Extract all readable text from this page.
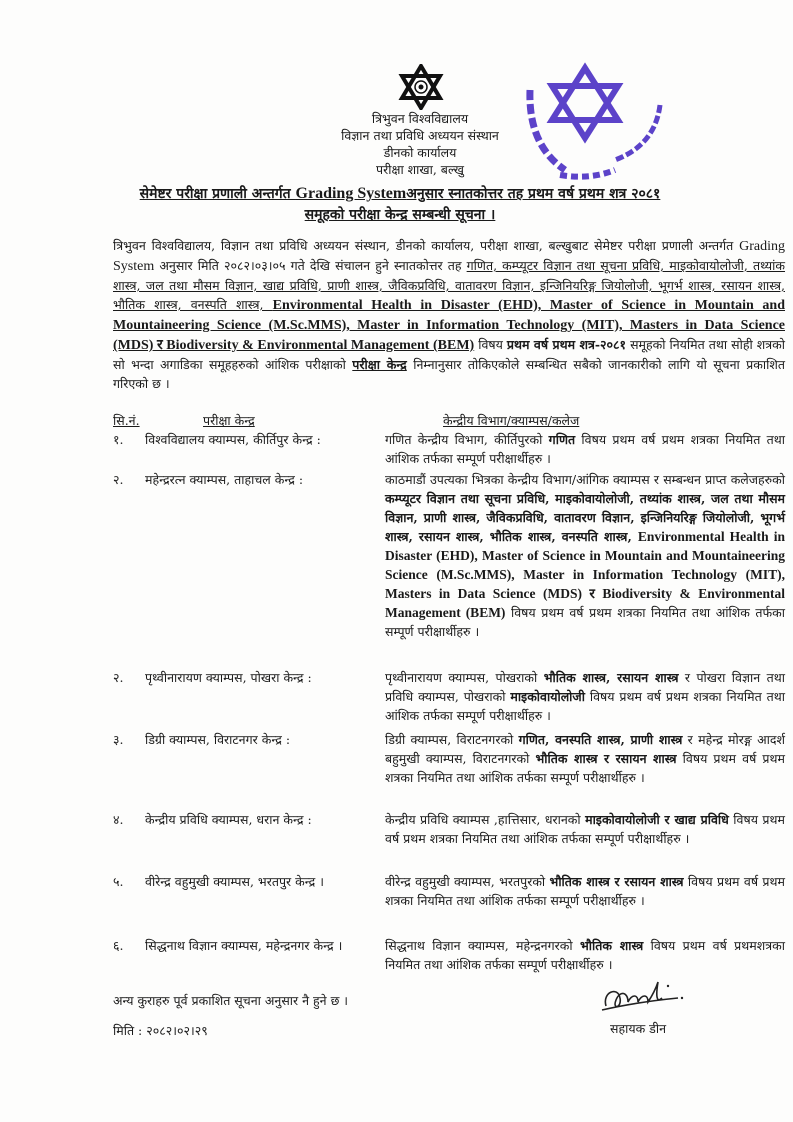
त्रिभुवन विश्वविद्यालय
विज्ञान तथा प्रविधि अध्ययन संस्थान
डीनको कार्यालय
परीक्षा शाखा, बल्खु
सेमेष्टर परीक्षा प्रणाली अन्तर्गत Grading Systemअनुसार स्नातकोत्तर तह प्रथम वर्ष प्रथम शत्र २०८१
समूहको परीक्षा केन्द्र सम्बन्धी सूचना ।
त्रिभुवन विश्वविद्यालय, विज्ञान तथा प्रविधि अध्ययन संस्थान, डीनको कार्यालय, परीक्षा शाखा, बल्खुबाट सेमेष्टर परीक्षा प्रणाली अन्तर्गत Grading System अनुसार मिति २०८२।०३।०५ गते देखि संचालन हुने स्नातकोत्तर तह गणित, कम्प्यूटर विज्ञान तथा सूचना प्रविधि, माइकोवायोलोजी, तथ्यांक शास्त्र, जल तथा मौसम विज्ञान, खाद्य प्रविधि, प्राणी शास्त्र, जैविकप्रविधि, वातावरण विज्ञान, इन्जिनियरिङ्ग जियोलोजी, भूगर्भ शास्त्र, रसायन शास्त्र, भौतिक शास्त्र, वनस्पति शास्त्र, Environmental Health in Disaster (EHD), Master of Science in Mountain and Mountaineering Science (M.Sc.MMS), Master in Information Technology (MIT), Masters in Data Science (MDS) र Biodiversity & Environmental Management (BEM) विषय प्रथम वर्ष प्रथम शत्र-२०८१ समूहको नियमित तथा सोही शत्रको सो भन्दा अगाडिका समूहहरुको आंशिक परीक्षाको परीक्षा केन्द्र निम्नानुसार तोकिएकोले सम्बन्धित सबैको जानकारीको लागि यो सूचना प्रकाशित गरिएको छ ।
सि.नं.	परीक्षा केन्द्र	केन्द्रीय विभाग/क्याम्पस/कलेज
१.	विश्वविद्यालय क्याम्पस, कीर्तिपुर केन्द्र :	गणित केन्द्रीय विभाग, कीर्तिपुरको गणित विषय प्रथम वर्ष प्रथम शत्रका नियमित तथा आंशिक तर्फका सम्पूर्ण परीक्षार्थीहरु ।
२.	महेन्द्ररत्न क्याम्पस, ताहाचल केन्द्र :	काठमाडौं उपत्यका भित्रका केन्द्रीय विभाग/आंगिक क्याम्पस र सम्बन्धन प्राप्त कलेजहरुको कम्प्यूटर विज्ञान तथा सूचना प्रविधि, माइकोवायोलोजी, तथ्यांक शास्त्र, जल तथा मौसम विज्ञान, प्राणी शास्त्र, जैविकप्रविधि, वातावरण विज्ञान, इन्जिनियरिङ्ग जियोलोजी, भूगर्भ शास्त्र, रसायन शास्त्र, भौतिक शास्त्र, वनस्पति शास्त्र, Environmental Health in Disaster (EHD), Master of Science in Mountain and Mountaineering Science (M.Sc.MMS), Master in Information Technology (MIT), Masters in Data Science (MDS) र Biodiversity & Environmental Management (BEM) विषय प्रथम वर्ष प्रथम शत्रका नियमित तथा आंशिक तर्फका सम्पूर्ण परीक्षार्थीहरु ।
२.	पृथ्वीनारायण क्याम्पस, पोखरा केन्द्र :	पृथ्वीनारायण क्याम्पस, पोखराको भौतिक शास्त्र, रसायन शास्त्र र पोखरा विज्ञान तथा प्रविधि क्याम्पस, पोखराको माइकोवायोलोजी विषय प्रथम वर्ष प्रथम शत्रका नियमित तथा आंशिक तर्फका सम्पूर्ण परीक्षार्थीहरु ।
३.	डिग्री क्याम्पस, विराटनगर केन्द्र :	डिग्री क्याम्पस, विराटनगरको गणित, वनस्पति शास्त्र, प्राणी शास्त्र र महेन्द्र मोरङ्ग आदर्श बहुमुखी क्याम्पस, विराटनगरको भौतिक शास्त्र र रसायन शास्त्र विषय प्रथम वर्ष प्रथम शत्रका नियमित तथा आंशिक तर्फका सम्पूर्ण परीक्षार्थीहरु ।
४.	केन्द्रीय प्रविधि क्याम्पस, धरान केन्द्र :	केन्द्रीय प्रविधि क्याम्पस ,हात्तिसार, धरानको माइकोवायोलोजी र खाद्य प्रविधि विषय प्रथम वर्ष प्रथम शत्रका नियमित तथा आंशिक तर्फका सम्पूर्ण परीक्षार्थीहरु ।
५.	वीरेन्द्र वहुमुखी क्याम्पस, भरतपुर केन्द्र ।	वीरेन्द्र वहुमुखी क्याम्पस, भरतपुरको भौतिक शास्त्र र रसायन शास्त्र विषय प्रथम वर्ष प्रथम शत्रका नियमित तथा आंशिक तर्फका सम्पूर्ण परीक्षार्थीहरु ।
६.	सिद्धनाथ विज्ञान क्याम्पस, महेन्द्रनगर केन्द्र ।	सिद्धनाथ विज्ञान क्याम्पस, महेन्द्रनगरको भौतिक शास्त्र विषय प्रथम वर्ष प्रथमशत्रका नियमित तथा आंशिक तर्फका सम्पूर्ण परीक्षार्थीहरु ।
अन्य कुराहरु पूर्व प्रकाशित सूचना अनुसार नै हुने छ ।
मिति : २०८२।०२।२९	सहायक डीन
